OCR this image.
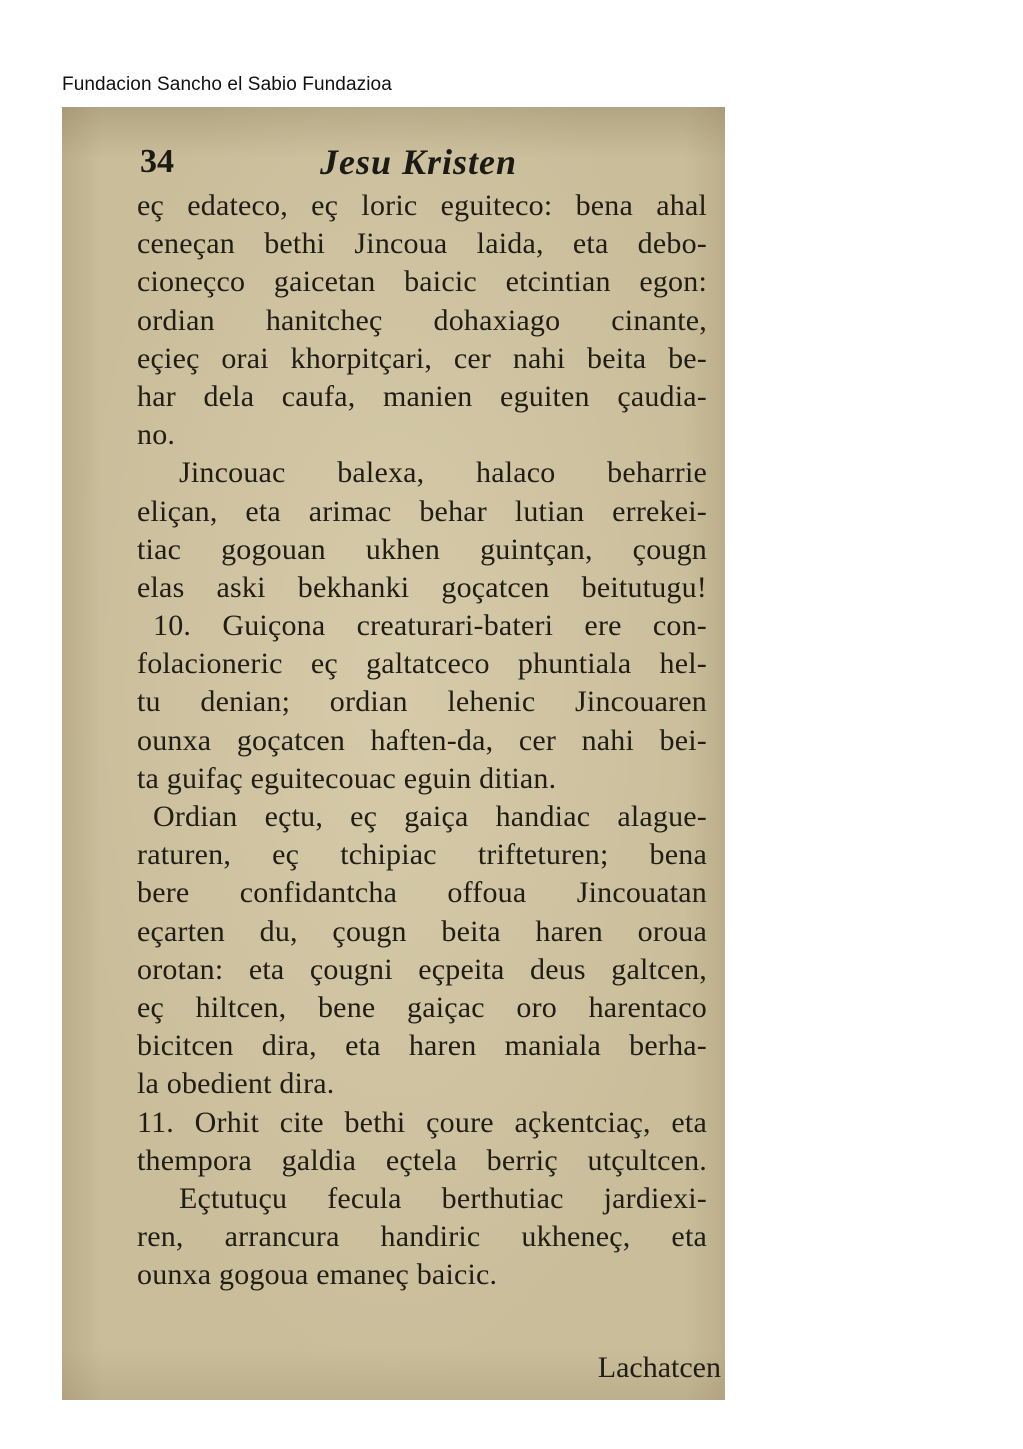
Fundacion Sancho el Sabio Fundazioa
34	Jesu Kristen
eç edateco, eç loric eguiteco: bena ahal
ceneçan bethi Jincoua laida, eta debo-
cioneçco gaicetan baicic etcintian egon:
ordian hanitcheç dohaxiago cinante,
eçieç orai khorpitçari, cer nahi beita be-
har dela caufa, manien eguiten çaudia-
no.
Jincouac balexa, halaco beharrie
eliçan, eta arimac behar lutian errekei-
tiac gogouan ukhen guintçan, çougn
elas aski bekhanki goçatcen beitutugu!
10. Guiçona creaturari-bateri ere con-
folacioneric eç galtatceco phuntiala hel-
tu denian; ordian lehenic Jincouaren
ounxa goçatcen haften-da, cer nahi bei-
ta guifaç eguitecouac eguin ditian.
Ordian eçtu, eç gaiça handiac alague-
raturen, eç tchipiac trifteturen; bena
bere confidantcha offoua Jincouatan
eçarten du, çougn beita haren oroua
orotan: eta çougni eçpeita deus galtcen,
eç hiltcen, bene gaiçac oro harentaco
bicitcen dira, eta haren maniala berha-
la obedient dira.
11. Orhit cite bethi çoure açkentciaç, eta
thempora galdia eçtela berriç utçultcen.
Eçtutuçu fecula berthutiac jardiexi-
ren, arrancura handiric ukheneç, eta
ounxa gogoua emaneç baicic.
Lachatcen
